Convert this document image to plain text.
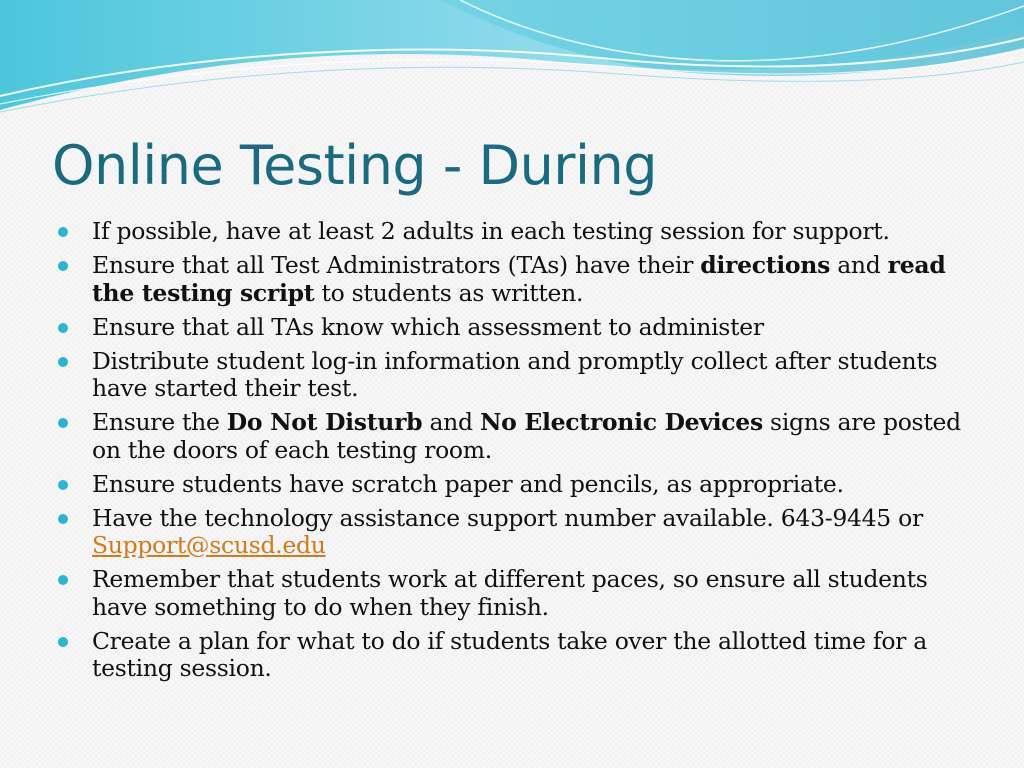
Online Testing - During
If possible, have at least 2 adults in each testing session for support.
Ensure that all Test Administrators (TAs) have their directions and read the testing script to students as written.
Ensure that all TAs know which assessment to administer
Distribute student log-in information and promptly collect after students have started their test.
Ensure the Do Not Disturb and No Electronic Devices signs are posted on the doors of each testing room.
Ensure students have scratch paper and pencils, as appropriate.
Have the technology assistance support number available. 643-9445 or Support@scusd.edu
Remember that students work at different paces, so ensure all students have something to do when they finish.
Create a plan for what to do if students take over the allotted time for a testing session.
